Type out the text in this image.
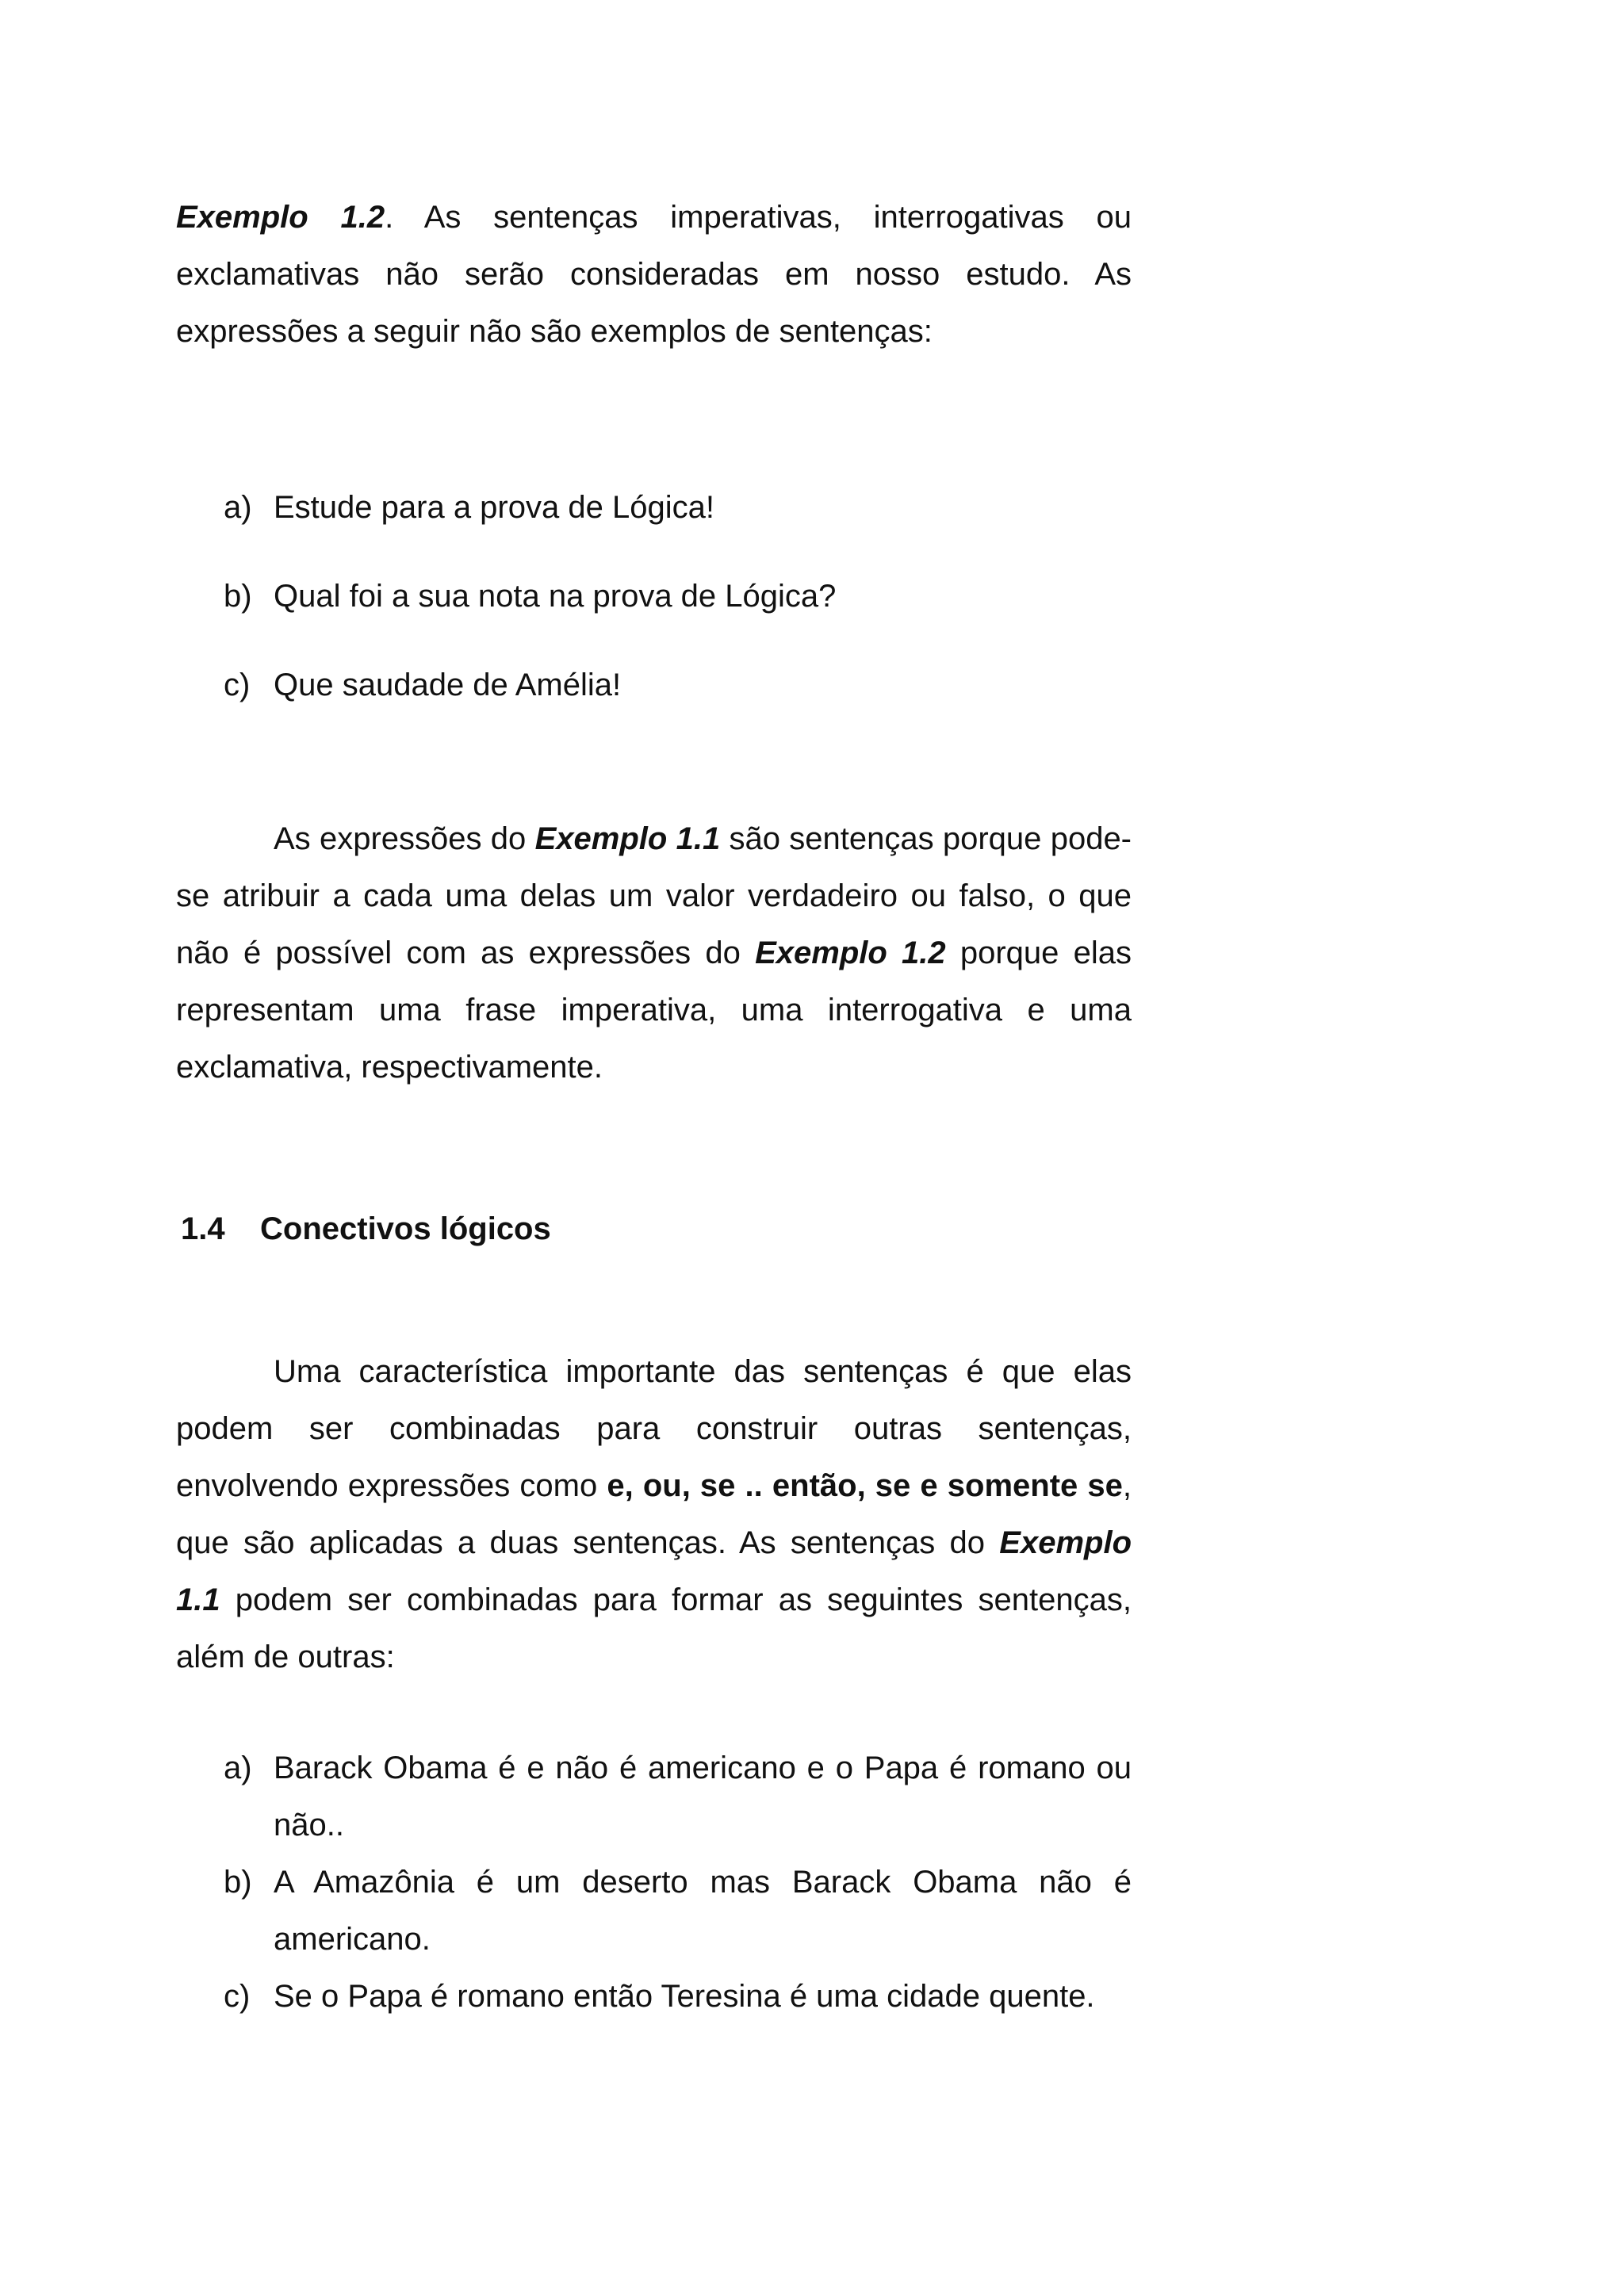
Exemplo 1.2. As sentenças imperativas, interrogativas ou exclamativas não serão consideradas em nosso estudo. As expressões a seguir não são exemplos de sentenças:

a) Estude para a prova de Lógica!
b) Qual foi a sua nota na prova de Lógica?
c) Que saudade de Amélia!

As expressões do Exemplo 1.1 são sentenças porque pode-se atribuir a cada uma delas um valor verdadeiro ou falso, o que não é possível com as expressões do Exemplo 1.2 porque elas representam uma frase imperativa, uma interrogativa e uma exclamativa, respectivamente.

1.4 Conectivos lógicos

Uma característica importante das sentenças é que elas podem ser combinadas para construir outras sentenças, envolvendo expressões como e, ou, se .. então, se e somente se, que são aplicadas a duas sentenças. As sentenças do Exemplo 1.1 podem ser combinadas para formar as seguintes sentenças, além de outras:

a) Barack Obama é e não é americano e o Papa é romano ou não..
b) A Amazônia é um deserto mas Barack Obama não é americano.
c) Se o Papa é romano então Teresina é uma cidade quente.
